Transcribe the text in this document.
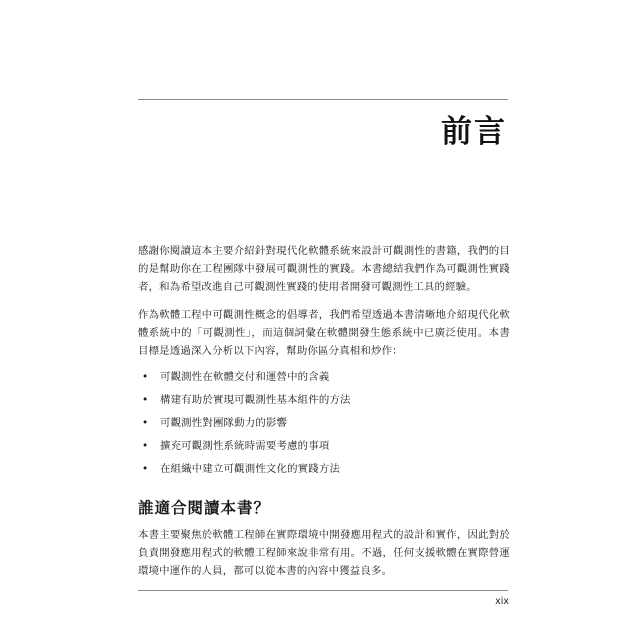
前言

感謝你閱讀這本主要介紹針對現代化軟體系統來設計可觀測性的書籍，我們的目的是幫助你在工程團隊中發展可觀測性的實踐。本書總結我們作為可觀測性實踐者，和為希望改進自己可觀測性實踐的使用者開發可觀測性工具的經驗。

作為軟體工程中可觀測性概念的倡導者，我們希望透過本書清晰地介紹現代化軟體系統中的「可觀測性」，而這個詞彙在軟體開發生態系統中已廣泛使用。本書目標是透過深入分析以下內容，幫助你區分真相和炒作：

• 可觀測性在軟體交付和運營中的含義
• 構建有助於實現可觀測性基本組件的方法
• 可觀測性對團隊動力的影響
• 擴充可觀測性系統時需要考慮的事項
• 在組織中建立可觀測性文化的實踐方法
誰適合閱讀本書？

本書主要聚焦於軟體工程師在實際環境中開發應用程式的設計和實作，因此對於負責開發應用程式的軟體工程師來說非常有用。不過，任何支援軟體在實際營運環境中運作的人員，都可以從本書的內容中獲益良多。

xix
